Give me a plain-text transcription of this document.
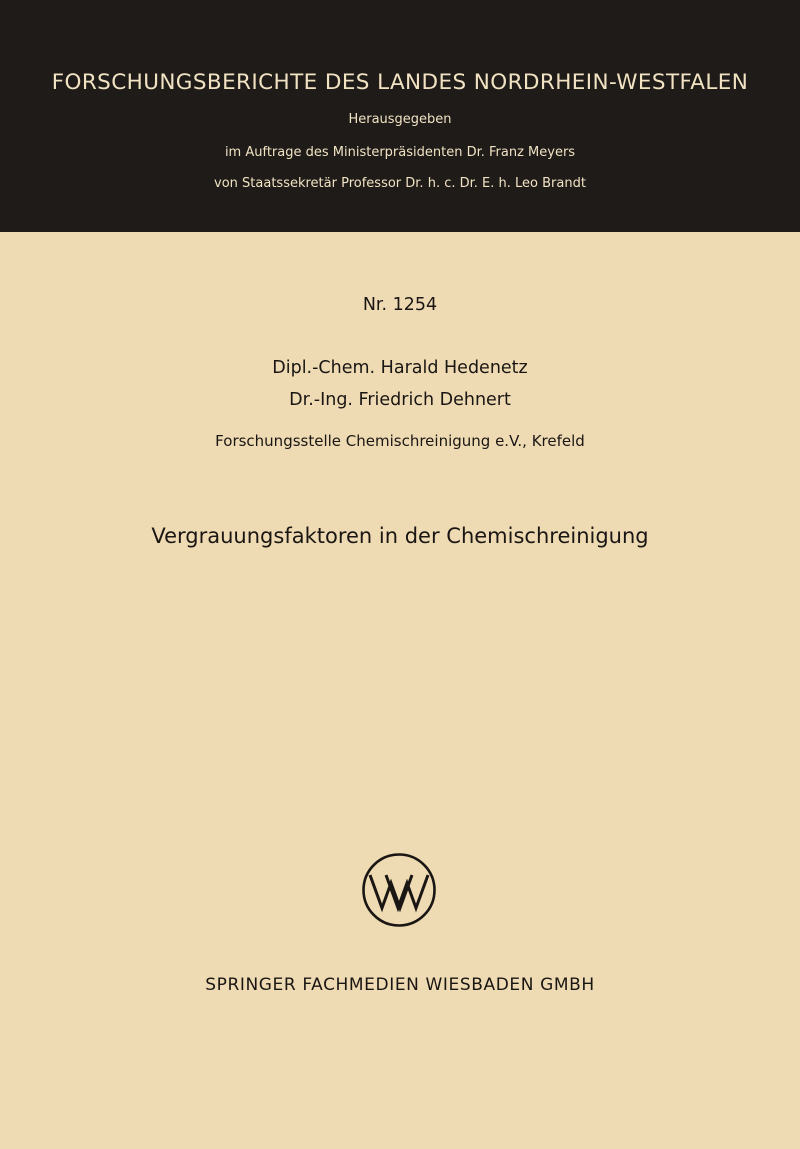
FORSCHUNGSBERICHTE DES LANDES NORDRHEIN-WESTFALEN
Herausgegeben
im Auftrage des Ministerpräsidenten Dr. Franz Meyers
von Staatssekretär Professor Dr. h. c. Dr. E. h. Leo Brandt
Nr. 1254
Dipl.-Chem. Harald Hedenetz
Dr.-Ing. Friedrich Dehnert
Forschungsstelle Chemischreinigung e.V., Krefeld
Vergrauungsfaktoren in der Chemischreinigung
SPRINGER FACHMEDIEN WIESBADEN GMBH
